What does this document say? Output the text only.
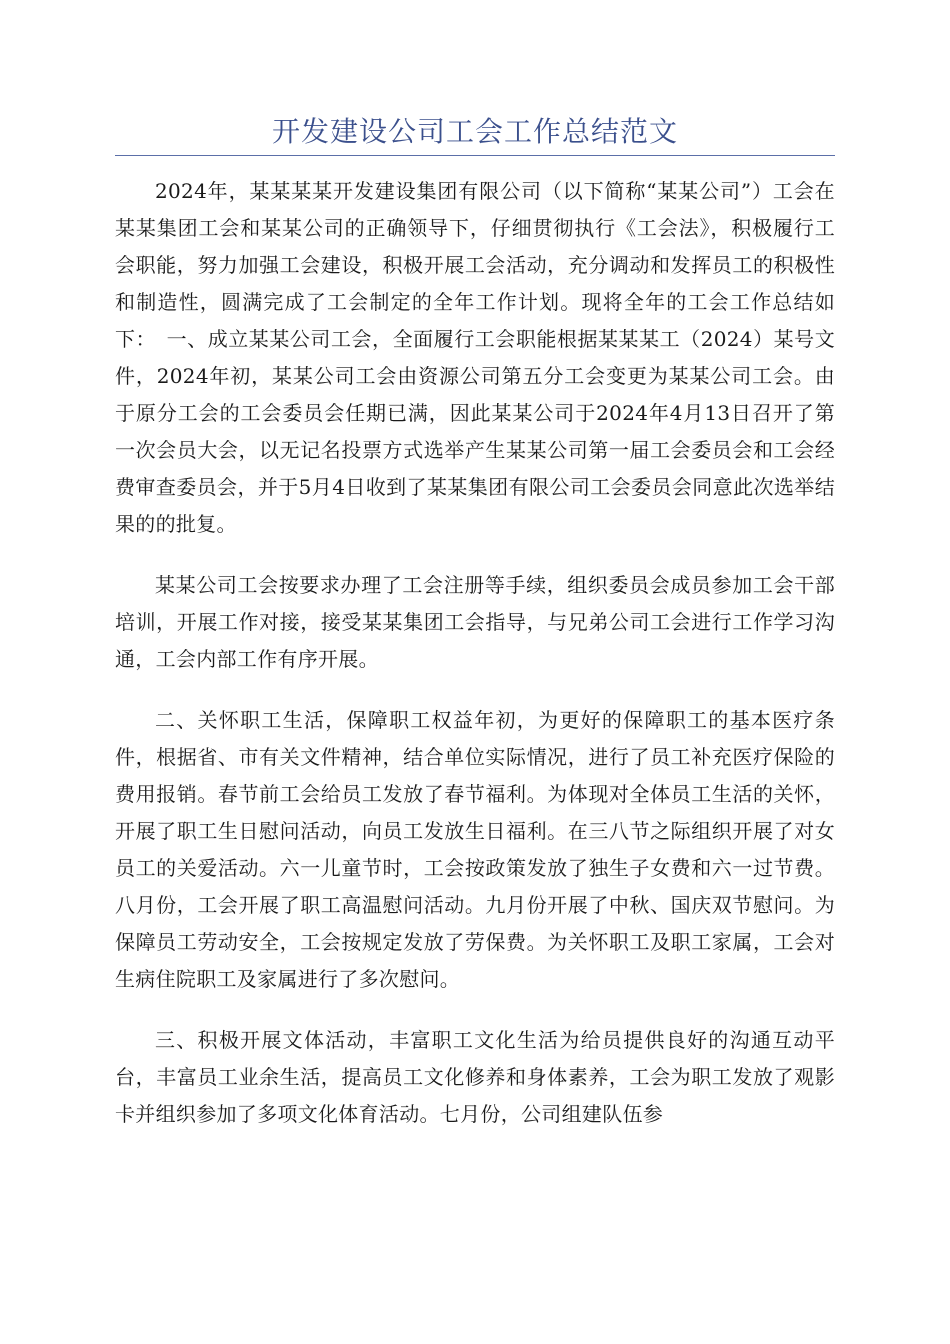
开发建设公司工会工作总结范文

2024年，某某某某开发建设集团有限公司（以下简称“某某公司”）工会在某某集团工会和某某公司的正确领导下，仔细贯彻执行《工会法》，积极履行工会职能，努力加强工会建设，积极开展工会活动，充分调动和发挥员工的积极性和制造性，圆满完成了工会制定的全年工作计划。现将全年的工会工作总结如下：　一、成立某某公司工会，全面履行工会职能根据某某某工（2024）某号文件，2024年初，某某公司工会由资源公司第五分工会变更为某某公司工会。由于原分工会的工会委员会任期已满，因此某某公司于2024年4月13日召开了第一次会员大会，以无记名投票方式选举产生某某公司第一届工会委员会和工会经费审查委员会，并于5月4日收到了某某集团有限公司工会委员会同意此次选举结果的的批复。

某某公司工会按要求办理了工会注册等手续，组织委员会成员参加工会干部培训，开展工作对接，接受某某集团工会指导，与兄弟公司工会进行工作学习沟通，工会内部工作有序开展。

二、关怀职工生活，保障职工权益年初，为更好的保障职工的基本医疗条件，根据省、市有关文件精神，结合单位实际情况，进行了员工补充医疗保险的费用报销。春节前工会给员工发放了春节福利。为体现对全体员工生活的关怀，开展了职工生日慰问活动，向员工发放生日福利。在三八节之际组织开展了对女员工的关爱活动。六一儿童节时，工会按政策发放了独生子女费和六一过节费。八月份，工会开展了职工高温慰问活动。九月份开展了中秋、国庆双节慰问。为保障员工劳动安全，工会按规定发放了劳保费。为关怀职工及职工家属，工会对生病住院职工及家属进行了多次慰问。

三、积极开展文体活动，丰富职工文化生活为给员提供良好的沟通互动平台，丰富员工业余生活，提高员工文化修养和身体素养，工会为职工发放了观影卡并组织参加了多项文化体育活动。七月份，公司组建队伍参
